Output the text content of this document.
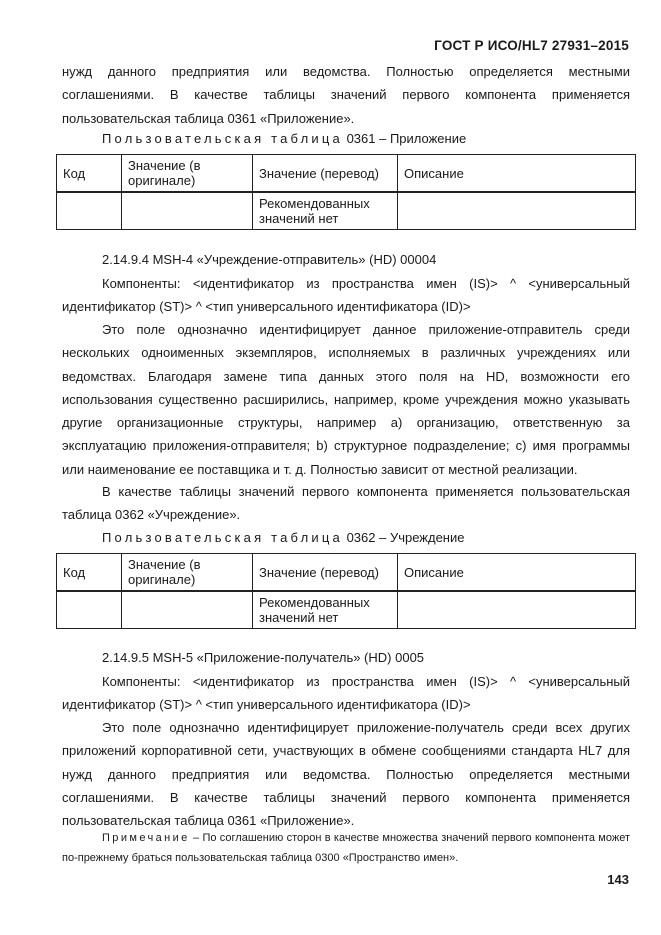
ГОСТ Р ИСО/HL7 27931–2015
нужд данного предприятия или ведомства. Полностью определяется местными соглашениями. В качестве таблицы значений первого компонента применяется пользовательская таблица 0361 «Приложение».
Пользовательская таблица 0361 – Приложение
Код	Значение (в оригинале)	Значение (перевод)	Описание
		Рекомендованных значений нет	
2.14.9.4 MSH-4 «Учреждение-отправитель» (HD) 00004
Компоненты: <идентификатор из пространства имен (IS)> ^ <универсальный идентификатор (ST)> ^ <тип универсального идентификатора (ID)>
Это поле однозначно идентифицирует данное приложение-отправитель среди нескольких одноименных экземпляров, исполняемых в различных учреждениях или ведомствах. Благодаря замене типа данных этого поля на HD, возможности его использования существенно расширились, например, кроме учреждения можно указывать другие организационные структуры, например а) организацию, ответственную за эксплуатацию приложения-отправителя; b) структурное подразделение; с) имя программы или наименование ее поставщика и т. д. Полностью зависит от местной реализации.
В качестве таблицы значений первого компонента применяется пользовательская таблица 0362 «Учреждение».
Пользовательская таблица 0362 – Учреждение
Код	Значение (в оригинале)	Значение (перевод)	Описание
		Рекомендованных значений нет	
2.14.9.5 MSH-5 «Приложение-получатель» (HD) 0005
Компоненты: <идентификатор из пространства имен (IS)> ^ <универсальный идентификатор (ST)> ^ <тип универсального идентификатора (ID)>
Это поле однозначно идентифицирует приложение-получатель среди всех других приложений корпоративной сети, участвующих в обмене сообщениями стандарта HL7 для нужд данного предприятия или ведомства. Полностью определяется местными соглашениями. В качестве таблицы значений первого компонента применяется пользовательская таблица 0361 «Приложение».
Примечание – По соглашению сторон в качестве множества значений первого компонента может по-прежнему браться пользовательская таблица 0300 «Пространство имен».
143
